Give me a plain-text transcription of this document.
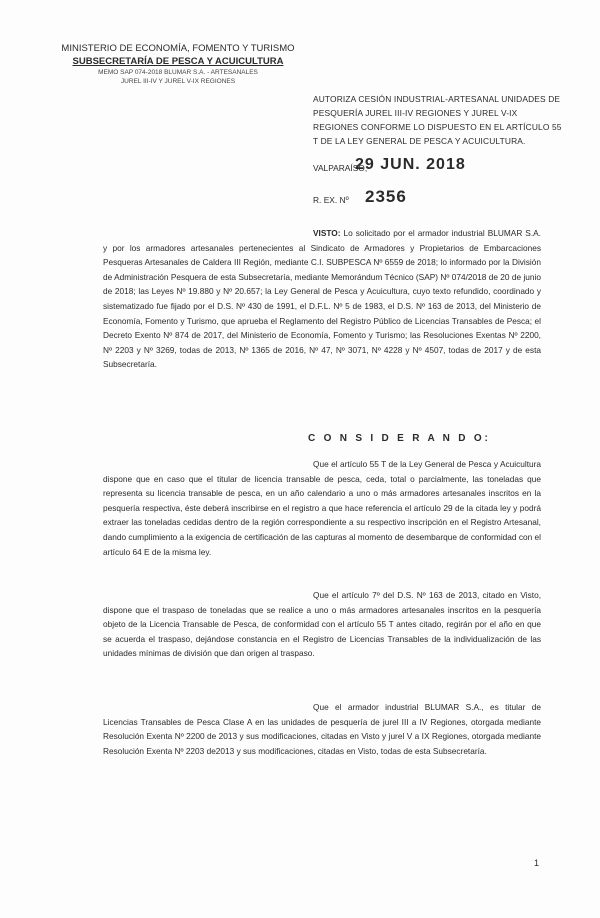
MINISTERIO DE ECONOMÍA, FOMENTO Y TURISMO
SUBSECRETARÍA DE PESCA Y ACUICULTURA
MEMO SAP 074-2018 BLUMAR S.A. - ARTESANALES
JUREL III-IV Y JUREL V-IX REGIONES
AUTORIZA CESIÓN INDUSTRIAL-ARTESANAL UNIDADES DE PESQUERÍA JUREL III-IV REGIONES Y JUREL V-IX REGIONES CONFORME LO DISPUESTO EN EL ARTÍCULO 55 T DE LA LEY GENERAL DE PESCA Y ACUICULTURA.
VALPARAÍSO,
29 JUN. 2018
R. EX. Nº 2356
VISTO: Lo solicitado por el armador industrial BLUMAR S.A. y por los armadores artesanales pertenecientes al Sindicato de Armadores y Propietarios de Embarcaciones Pesqueras Artesanales de Caldera III Región, mediante C.I. SUBPESCA Nº 6559 de 2018; lo informado por la División de Administración Pesquera de esta Subsecretaría, mediante Memorándum Técnico (SAP) Nº 074/2018 de 20 de junio de 2018; las Leyes Nº 19.880 y Nº 20.657; la Ley General de Pesca y Acuicultura, cuyo texto refundido, coordinado y sistematizado fue fijado por el D.S. Nº 430 de 1991, el D.F.L. Nº 5 de 1983, el D.S. Nº 163 de 2013, del Ministerio de Economía, Fomento y Turismo, que aprueba el Reglamento del Registro Público de Licencias Transables de Pesca; el Decreto Exento Nº 874 de 2017, del Ministerio de Economía, Fomento y Turismo; las Resoluciones Exentas Nº 2200, Nº 2203 y Nº 3269, todas de 2013, Nº 1365 de 2016, Nº 47, Nº 3071, Nº 4228 y Nº 4507, todas de 2017 y de esta Subsecretaría.
C O N S I D E R A N D O:
Que el artículo 55 T de la Ley General de Pesca y Acuicultura dispone que en caso que el titular de licencia transable de pesca, ceda, total o parcialmente, las toneladas que representa su licencia transable de pesca, en un año calendario a uno o más armadores artesanales inscritos en la pesquería respectiva, éste deberá inscribirse en el registro a que hace referencia el artículo 29 de la citada ley y podrá extraer las toneladas cedidas dentro de la región correspondiente a su respectivo inscripción en el Registro Artesanal, dando cumplimiento a la exigencia de certificación de las capturas al momento de desembarque de conformidad con el artículo 64 E de la misma ley.
Que el artículo 7º del D.S. Nº 163 de 2013, citado en Visto, dispone que el traspaso de toneladas que se realice a uno o más armadores artesanales inscritos en la pesquería objeto de la Licencia Transable de Pesca, de conformidad con el artículo 55 T antes citado, regirán por el año en que se acuerda el traspaso, dejándose constancia en el Registro de Licencias Transables de la individualización de las unidades mínimas de división que dan origen al traspaso.
Que el armador industrial BLUMAR S.A., es titular de Licencias Transables de Pesca Clase A en las unidades de pesquería de jurel III a IV Regiones, otorgada mediante Resolución Exenta Nº 2200 de 2013 y sus modificaciones, citadas en Visto y jurel V a IX Regiones, otorgada mediante Resolución Exenta Nº 2203 de2013 y sus modificaciones, citadas en Visto, todas de esta Subsecretaría.
1
